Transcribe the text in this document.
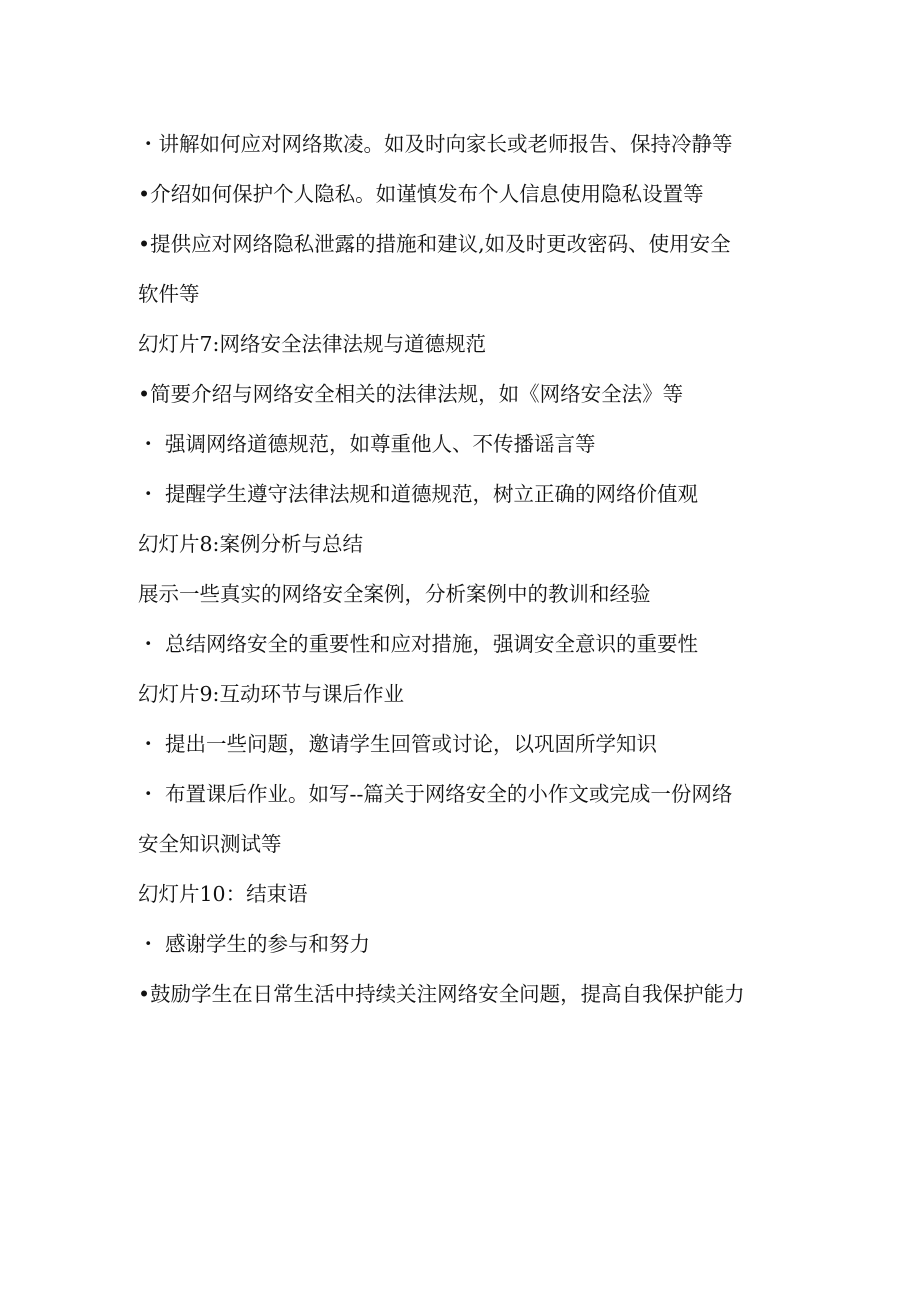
・讲解如何应对网络欺凌。如及时向家长或老师报告、保持冷静等
•介绍如何保护个人隐私。如谨慎发布个人信息使用隐私设置等
•提供应对网络隐私泄露的措施和建议,如及时更改密码、使用安全
软件等
幻灯片7:网络安全法律法规与道德规范
•简要介绍与网络安全相关的法律法规，如《网络安全法》等
・ 强调网络道德规范，如尊重他人、不传播谣言等
・ 提醒学生遵守法律法规和道德规范，树立正确的网络价值观
幻灯片8:案例分析与总结
展示一些真实的网络安全案例，分析案例中的教训和经验
・ 总结网络安全的重要性和应对措施，强调安全意识的重要性
幻灯片9:互动环节与课后作业
・ 提出一些问题，邀请学生回管或讨论，以巩固所学知识
・ 布置课后作业。如写--篇关于网络安全的小作文或完成一份网络
安全知识测试等
幻灯片10：结束语
・ 感谢学生的参与和努力
•鼓励学生在日常生活中持续关注网络安全问题，提高自我保护能力
